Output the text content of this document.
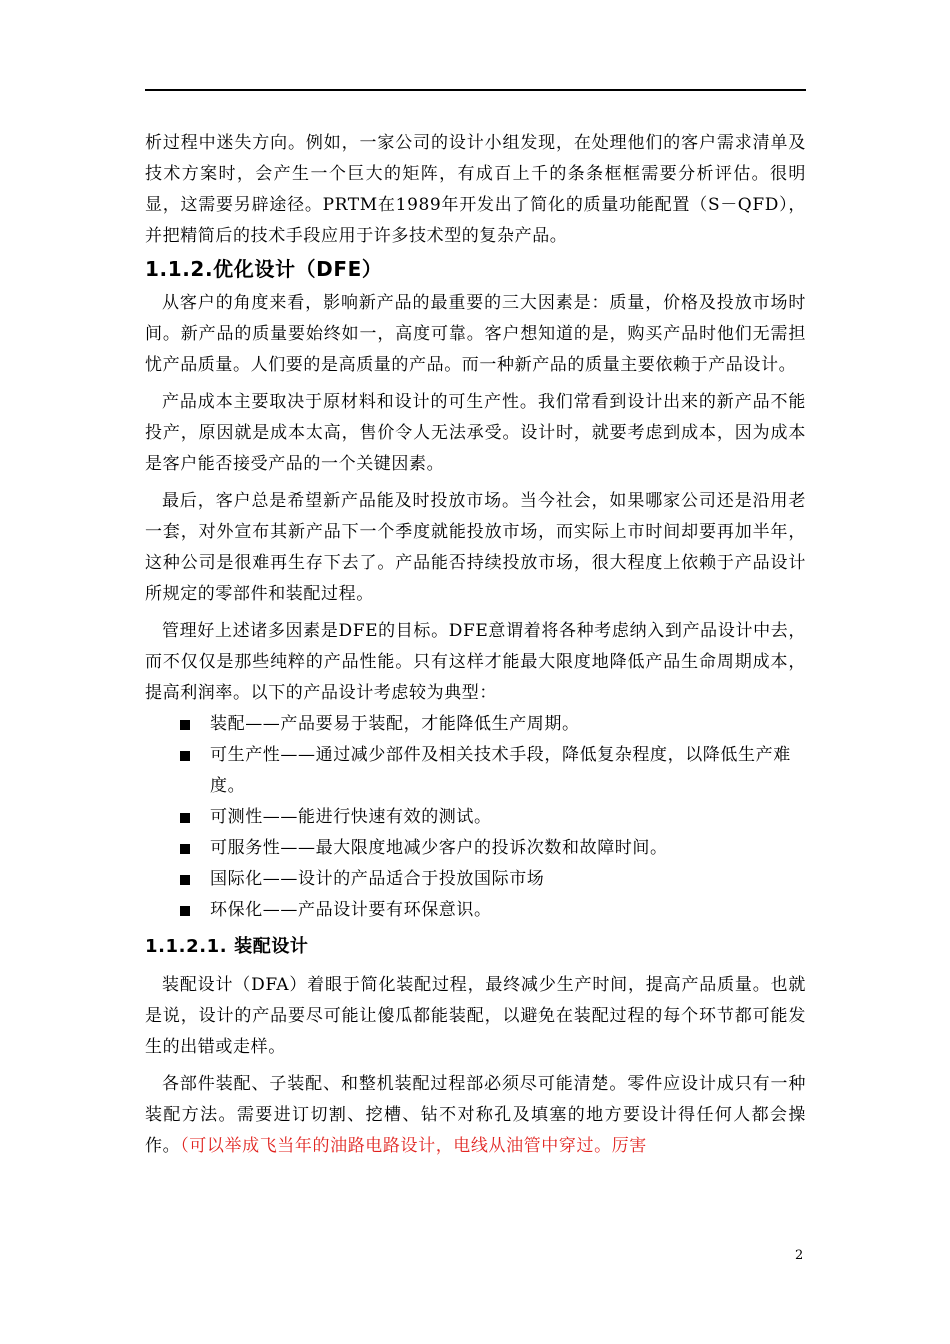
析过程中迷失方向。例如，一家公司的设计小组发现，在处理他们的客户需求清单及技术方案时，会产生一个巨大的矩阵，有成百上千的条条框框需要分析评估。很明显，这需要另辟途径。PRTM在1989年开发出了简化的质量功能配置（S－QFD），并把精简后的技术手段应用于许多技术型的复杂产品。

1.1.2.优化设计（DFE）

从客户的角度来看，影响新产品的最重要的三大因素是：质量，价格及投放市场时间。新产品的质量要始终如一，高度可靠。客户想知道的是，购买产品时他们无需担忧产品质量。人们要的是高质量的产品。而一种新产品的质量主要依赖于产品设计。

产品成本主要取决于原材料和设计的可生产性。我们常看到设计出来的新产品不能投产，原因就是成本太高，售价令人无法承受。设计时，就要考虑到成本，因为成本是客户能否接受产品的一个关键因素。

最后，客户总是希望新产品能及时投放市场。当今社会，如果哪家公司还是沿用老一套，对外宣布其新产品下一个季度就能投放市场，而实际上市时间却要再加半年，这种公司是很难再生存下去了。产品能否持续投放市场，很大程度上依赖于产品设计所规定的零部件和装配过程。

管理好上述诸多因素是DFE的目标。DFE意谓着将各种考虑纳入到产品设计中去，而不仅仅是那些纯粹的产品性能。只有这样才能最大限度地降低产品生命周期成本，提高利润率。以下的产品设计考虑较为典型：

装配——产品要易于装配，才能降低生产周期。
可生产性——通过减少部件及相关技术手段，降低复杂程度，以降低生产难度。
可测性——能进行快速有效的测试。
可服务性——最大限度地减少客户的投诉次数和故障时间。
国际化——设计的产品适合于投放国际市场
环保化——产品设计要有环保意识。
1.1.2.1. 装配设计

装配设计（DFA）着眼于简化装配过程，最终减少生产时间，提高产品质量。也就是说，设计的产品要尽可能让傻瓜都能装配，以避免在装配过程的每个环节都可能发生的出错或走样。

各部件装配、子装配、和整机装配过程部必须尽可能清楚。零件应设计成只有一种装配方法。需要进订切割、挖槽、钻不对称孔及填塞的地方要设计得任何人都会操作。（可以举成飞当年的油路电路设计，电线从油管中穿过。厉害

2
